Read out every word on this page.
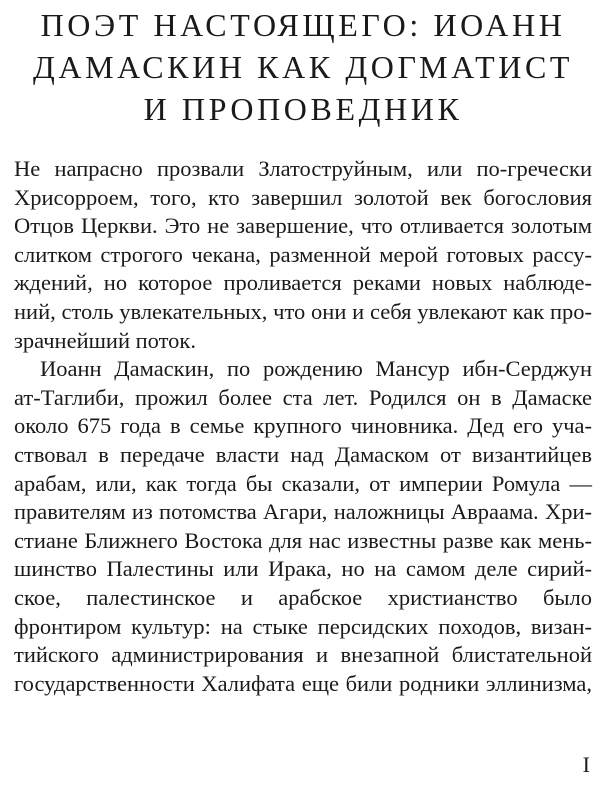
ПОЭТ НАСТОЯЩЕГО: ИОАНН
ДАМАСКИН КАК ДОГМАТИСТ
И ПРОПОВЕДНИК

Не напрасно прозвали Златоструйным, или по-гречески
Хрисорроем, того, кто завершил золотой век богословия
Отцов Церкви. Это не завершение, что отливается золотым
слитком строгого чекана, разменной мерой готовых рассу-
ждений, но которое проливается реками новых наблюде-
ний, столь увлекательных, что они и себя увлекают как про-
зрачнейший поток.

Иоанн Дамаскин, по рождению Мансур ибн-Серджун
ат-Таглиби, прожил более ста лет. Родился он в Дамаске
около 675 года в семье крупного чиновника. Дед его уча-
ствовал в передаче власти над Дамаском от византийцев
арабам, или, как тогда бы сказали, от империи Ромула —
правителям из потомства Агари, наложницы Авраама. Хри-
стиане Ближнего Востока для нас известны разве как мень-
шинство Палестины или Ирака, но на самом деле сирий-
ское, палестинское и арабское христианство было
фронтиром культур: на стыке персидских походов, визан-
тийского администрирования и внезапной блистательной
государственности Халифата еще били родники эллинизма,

I
